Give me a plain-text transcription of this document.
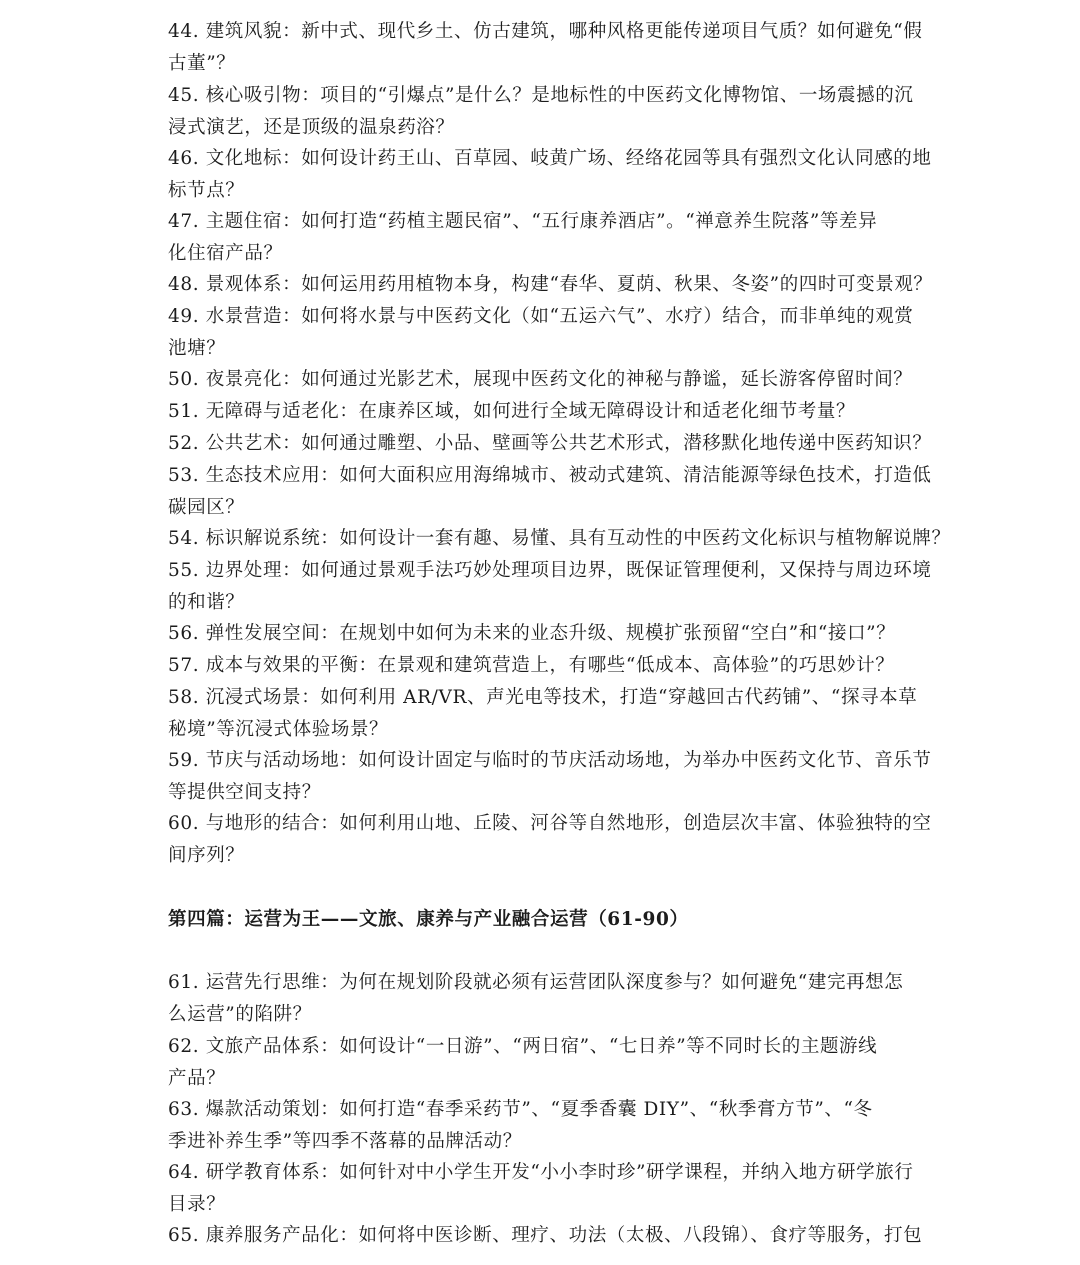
44. 建筑风貌：新中式、现代乡土、仿古建筑，哪种风格更能传递项目气质？如何避免“假
古董”？
45. 核心吸引物：项目的“引爆点”是什么？是地标性的中医药文化博物馆、一场震撼的沉
浸式演艺，还是顶级的温泉药浴？
46. 文化地标：如何设计药王山、百草园、岐黄广场、经络花园等具有强烈文化认同感的地
标节点？
47. 主题住宿：如何打造“药植主题民宿”、“五行康养酒店”。“禅意养生院落”等差异
化住宿产品？
48. 景观体系：如何运用药用植物本身，构建“春华、夏荫、秋果、冬姿”的四时可变景观？
49. 水景营造：如何将水景与中医药文化（如“五运六气”、水疗）结合，而非单纯的观赏
池塘？
50. 夜景亮化：如何通过光影艺术，展现中医药文化的神秘与静谧，延长游客停留时间？
51. 无障碍与适老化：在康养区域，如何进行全域无障碍设计和适老化细节考量？
52. 公共艺术：如何通过雕塑、小品、壁画等公共艺术形式，潜移默化地传递中医药知识？
53. 生态技术应用：如何大面积应用海绵城市、被动式建筑、清洁能源等绿色技术，打造低
碳园区？
54. 标识解说系统：如何设计一套有趣、易懂、具有互动性的中医药文化标识与植物解说牌？
55. 边界处理：如何通过景观手法巧妙处理项目边界，既保证管理便利，又保持与周边环境
的和谐？
56. 弹性发展空间：在规划中如何为未来的业态升级、规模扩张预留“空白”和“接口”？
57. 成本与效果的平衡：在景观和建筑营造上，有哪些“低成本、高体验”的巧思妙计？
58. 沉浸式场景：如何利用 AR/VR、声光电等技术，打造“穿越回古代药铺”、“探寻本草
秘境”等沉浸式体验场景？
59. 节庆与活动场地：如何设计固定与临时的节庆活动场地，为举办中医药文化节、音乐节
等提供空间支持？
60. 与地形的结合：如何利用山地、丘陵、河谷等自然地形，创造层次丰富、体验独特的空
间序列？
第四篇：运营为王——文旅、康养与产业融合运营（61-90）
61. 运营先行思维：为何在规划阶段就必须有运营团队深度参与？如何避免“建完再想怎
么运营”的陷阱？
62. 文旅产品体系：如何设计“一日游”、“两日宿”、“七日养”等不同时长的主题游线
产品？
63. 爆款活动策划：如何打造“春季采药节”、“夏季香囊 DIY”、“秋季膏方节”、“冬
季进补养生季”等四季不落幕的品牌活动？
64. 研学教育体系：如何针对中小学生开发“小小李时珍”研学课程，并纳入地方研学旅行
目录？
65. 康养服务产品化：如何将中医诊断、理疗、功法（太极、八段锦）、食疗等服务，打包
